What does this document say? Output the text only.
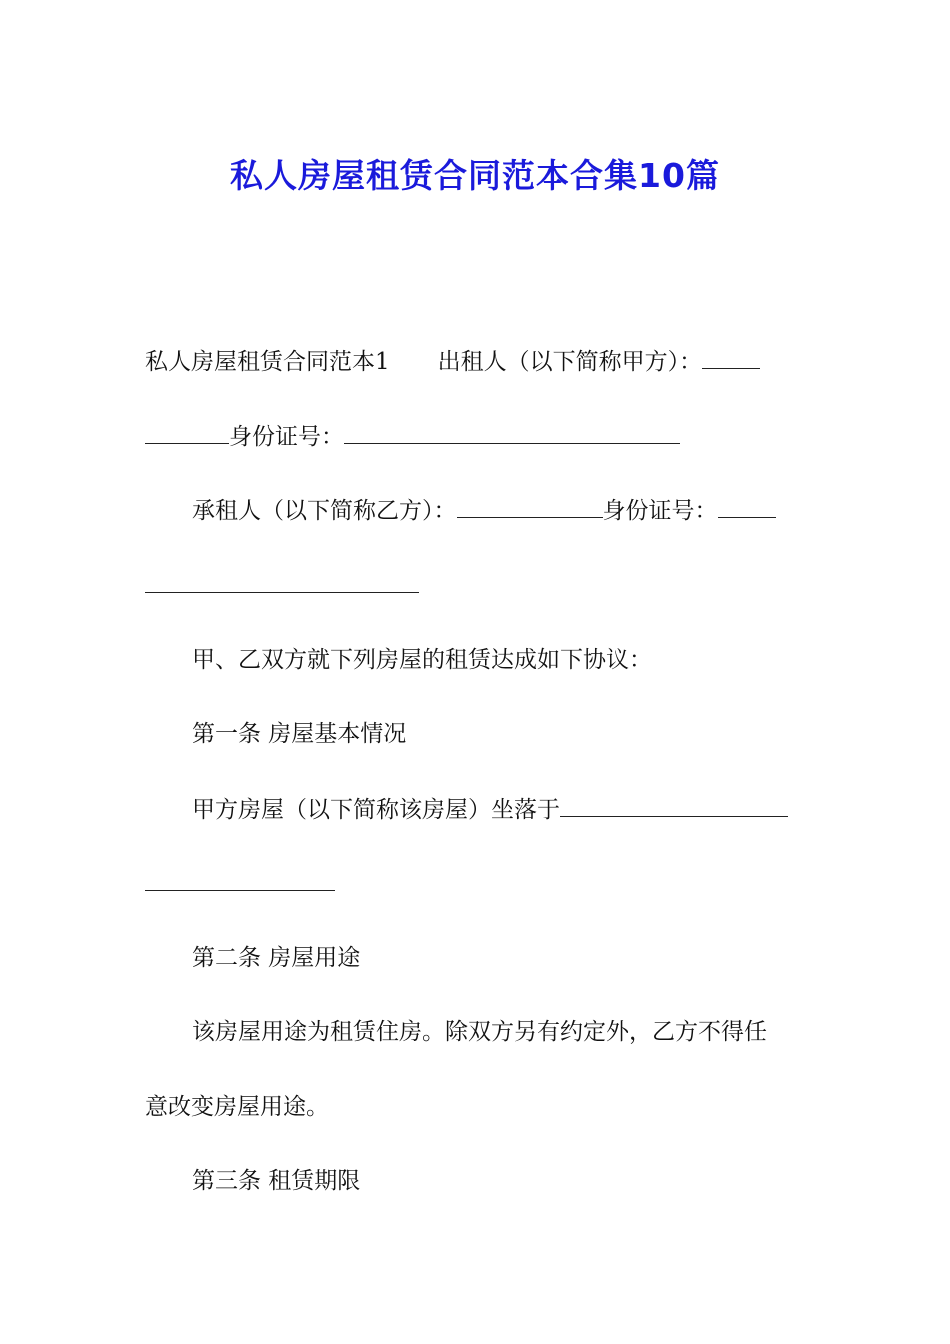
私人房屋租赁合同范本合集10篇

私人房屋租赁合同范本1 出租人（以下简称甲方）：

身份证号：

承租人（以下简称乙方）：	身份证号：

甲、乙双方就下列房屋的租赁达成如下协议：

第一条 房屋基本情况

甲方房屋（以下简称该房屋）坐落于

第二条 房屋用途

该房屋用途为租赁住房。除双方另有约定外，乙方不得任

意改变房屋用途。

第三条 租赁期限
